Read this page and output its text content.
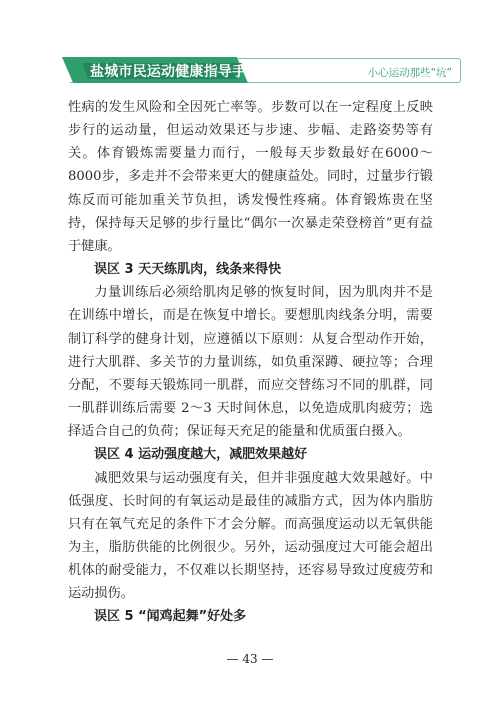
盐城市民运动健康指导手册	小心运动那些“坑”

性病的发生风险和全因死亡率等。步数可以在一定程度上反映步行的运动量，但运动效果还与步速、步幅、走路姿势等有关。体育锻炼需要量力而行，一般每天步数最好在6000～8000步，多走并不会带来更大的健康益处。同时，过量步行锻炼反而可能加重关节负担，诱发慢性疼痛。体育锻炼贵在坚持，保持每天足够的步行量比“偶尔一次暴走荣登榜首”更有益于健康。

误区 3 天天练肌肉，线条来得快

力量训练后必须给肌肉足够的恢复时间，因为肌肉并不是在训练中增长，而是在恢复中增长。要想肌肉线条分明，需要制订科学的健身计划，应遵循以下原则：从复合型动作开始，进行大肌群、多关节的力量训练，如负重深蹲、硬拉等；合理分配，不要每天锻炼同一肌群，而应交替练习不同的肌群，同一肌群训练后需要 2～3 天时间休息，以免造成肌肉疲劳；选择适合自己的负荷；保证每天充足的能量和优质蛋白摄入。

误区 4 运动强度越大，减肥效果越好

减肥效果与运动强度有关，但并非强度越大效果越好。中低强度、长时间的有氧运动是最佳的减脂方式，因为体内脂肪只有在氧气充足的条件下才会分解。而高强度运动以无氧供能为主，脂肪供能的比例很少。另外，运动强度过大可能会超出机体的耐受能力，不仅难以长期坚持，还容易导致过度疲劳和运动损伤。

误区 5 “闻鸡起舞”好处多

— 43 —
